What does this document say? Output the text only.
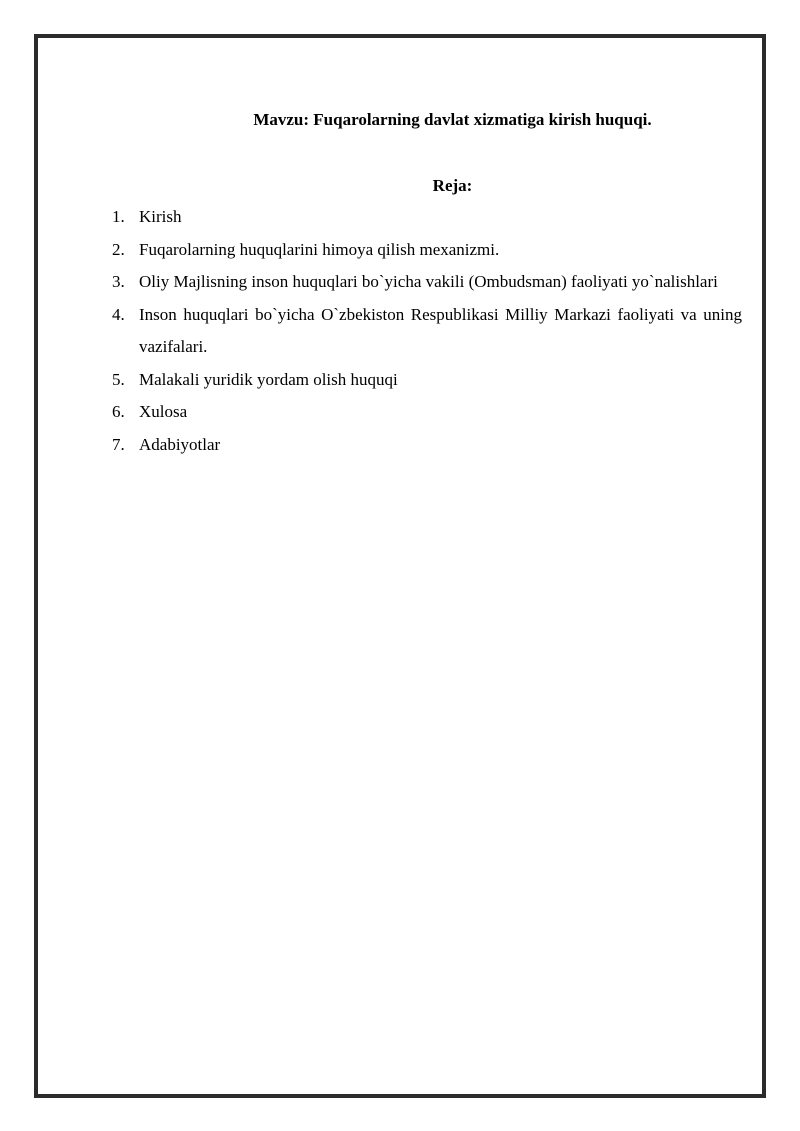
Mavzu: Fuqarolarning davlat xizmatiga kirish huquqi.
Reja:
1. Kirish
2. Fuqarolarning huquqlarini himoya qilish mexanizmi.
3. Oliy Majlisning inson huquqlari bo`yicha vakili (Ombudsman) faoliyati yo`nalishlari
4. Inson huquqlari bo`yicha O`zbekiston Respublikasi Milliy Markazi faoliyati va uning vazifalari.
5. Malakali yuridik yordam olish huquqi
6. Xulosa
7. Adabiyotlar
